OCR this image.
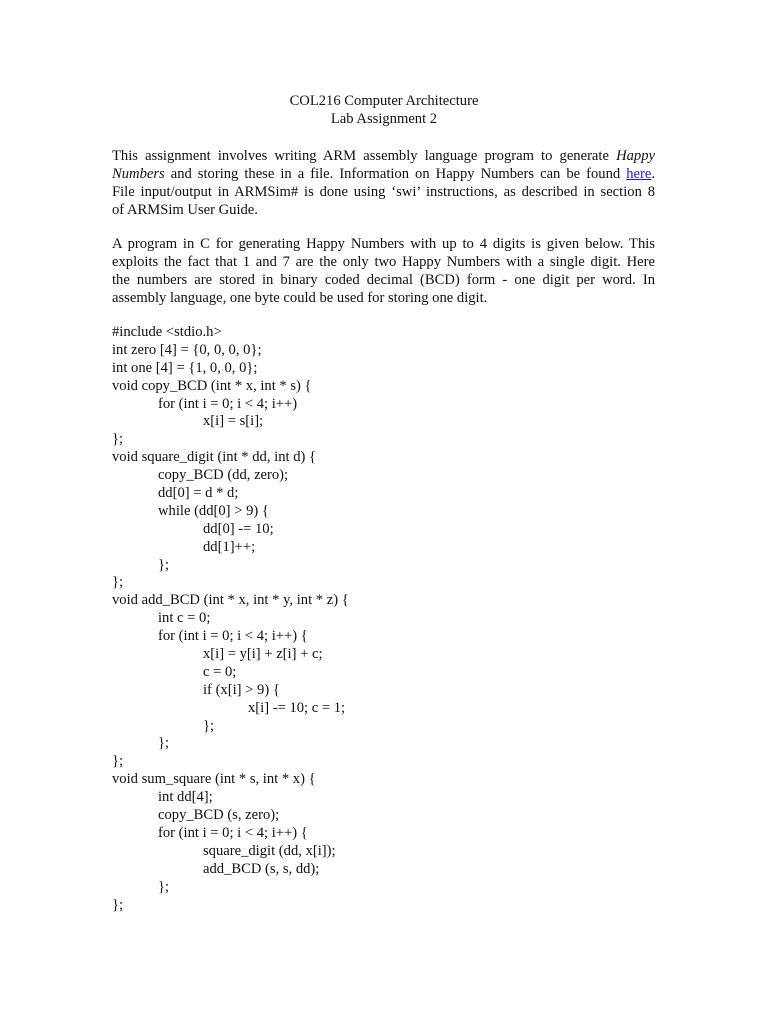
COL216 Computer Architecture
Lab Assignment 2
This assignment involves writing ARM assembly language program to generate Happy
Numbers and storing these in a file. Information on Happy Numbers can be found here.
File input/output in ARMSim# is done using ‘swi’ instructions, as described in section 8
of ARMSim User Guide.
A program in C for generating Happy Numbers with up to 4 digits is given below. This
exploits the fact that 1 and 7 are the only two Happy Numbers with a single digit. Here
the numbers are stored in binary coded decimal (BCD) form - one digit per word. In
assembly language, one byte could be used for storing one digit.
#include <stdio.h>
int zero [4] = {0, 0, 0, 0};
int one [4] = {1, 0, 0, 0};
void copy_BCD (int * x, int * s) {
for (int i = 0; i < 4; i++)
x[i] = s[i];
};
void square_digit (int * dd, int d) {
copy_BCD (dd, zero);
dd[0] = d * d;
while (dd[0] > 9) {
dd[0] -= 10;
dd[1]++;
};
};
void add_BCD (int * x, int * y, int * z) {
int c = 0;
for (int i = 0; i < 4; i++) {
x[i] = y[i] + z[i] + c;
c = 0;
if (x[i] > 9) {
x[i] -= 10; c = 1;
};
};
};
void sum_square (int * s, int * x) {
int dd[4];
copy_BCD (s, zero);
for (int i = 0; i < 4; i++) {
square_digit (dd, x[i]);
add_BCD (s, s, dd);
};
};
